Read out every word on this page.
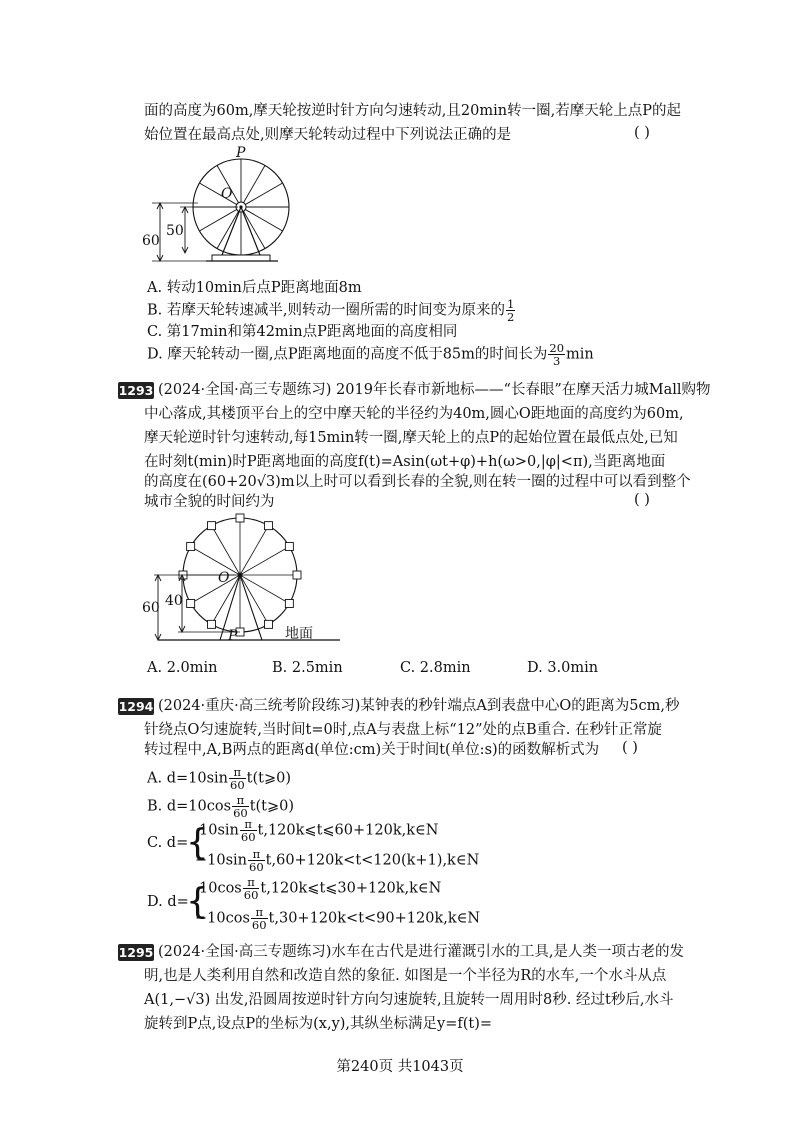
面的高度为60m,摩天轮按逆时针方向匀速转动,且20min转一圈,若摩天轮上点P的起
始位置在最高点处,则摩天轮转动过程中下列说法正确的是	( )
P
O
60
50
A. 转动10min后点P距离地面8m
B. 若摩天轮转速减半,则转动一圈所需的时间变为原来的 $\frac{1}{2}$
C. 第17min和第42min点P距离地面的高度相同
D. 摩天轮转动一圈,点P距离地面的高度不低于85m的时间长为 $\frac{20}{3}$ min
1293 (2024·全国·高三专题练习) 2019年长春市新地标——“长春眼”在摩天活力城Mall购物
中心落成,其楼顶平台上的空中摩天轮的半径约为40m,圆心O距地面的高度约为60m,
摩天轮逆时针匀速转动,每15min转一圈,摩天轮上的点P的起始位置在最低点处,已知
在时刻t(min)时P距离地面的高度f(t)=Asin(ωt+φ)+h(ω>0,|φ|<π),当距离地面
的高度在(60+20√3)m以上时可以看到长春的全貌,则在转一圈的过程中可以看到整个
城市全貌的时间约为	( )
O
60 40
P	地面
A. 2.0min	B. 2.5min	C. 2.8min	D. 3.0min
1294 (2024·重庆·高三统考阶段练习)某钟表的秒针端点A到表盘中心O的距离为5cm,秒
针绕点O匀速旋转,当时间t=0时,点A与表盘上标“12”处的点B重合. 在秒针正常旋
转过程中,A,B两点的距离d(单位:cm)关于时间t(单位:s)的函数解析式为 ( )
A. $d=10\sin \frac{\pi}{60}$ t(t⩾0)
B. $d=10\cos \frac{\pi}{60}$ t(t⩾0)
C. d=
{
$10\sin \frac{\pi}{60}$ t,120k⩽t⩽60+120k,k∈N
$-10\sin \frac{\pi}{60}$ t,60+120k<t<120(k+1),k∈N
D. d=
{
$10\cos \frac{\pi}{60}$ t,120k⩽t⩽30+120k,k∈N
$-10\cos \frac{\pi}{60}$ t,30+120k<t<90+120k,k∈N
1295 (2024·全国·高三专题练习)水车在古代是进行灌溉引水的工具,是人类一项古老的发
明,也是人类利用自然和改造自然的象征. 如图是一个半径为R的水车,一个水斗从点
A(1,−√3) 出发,沿圆周按逆时针方向匀速旋转,且旋转一周用时8秒. 经过t秒后,水斗
旋转到P点,设点P的坐标为(x,y),其纵坐标满足y=f(t)=
第240页 共1043页
